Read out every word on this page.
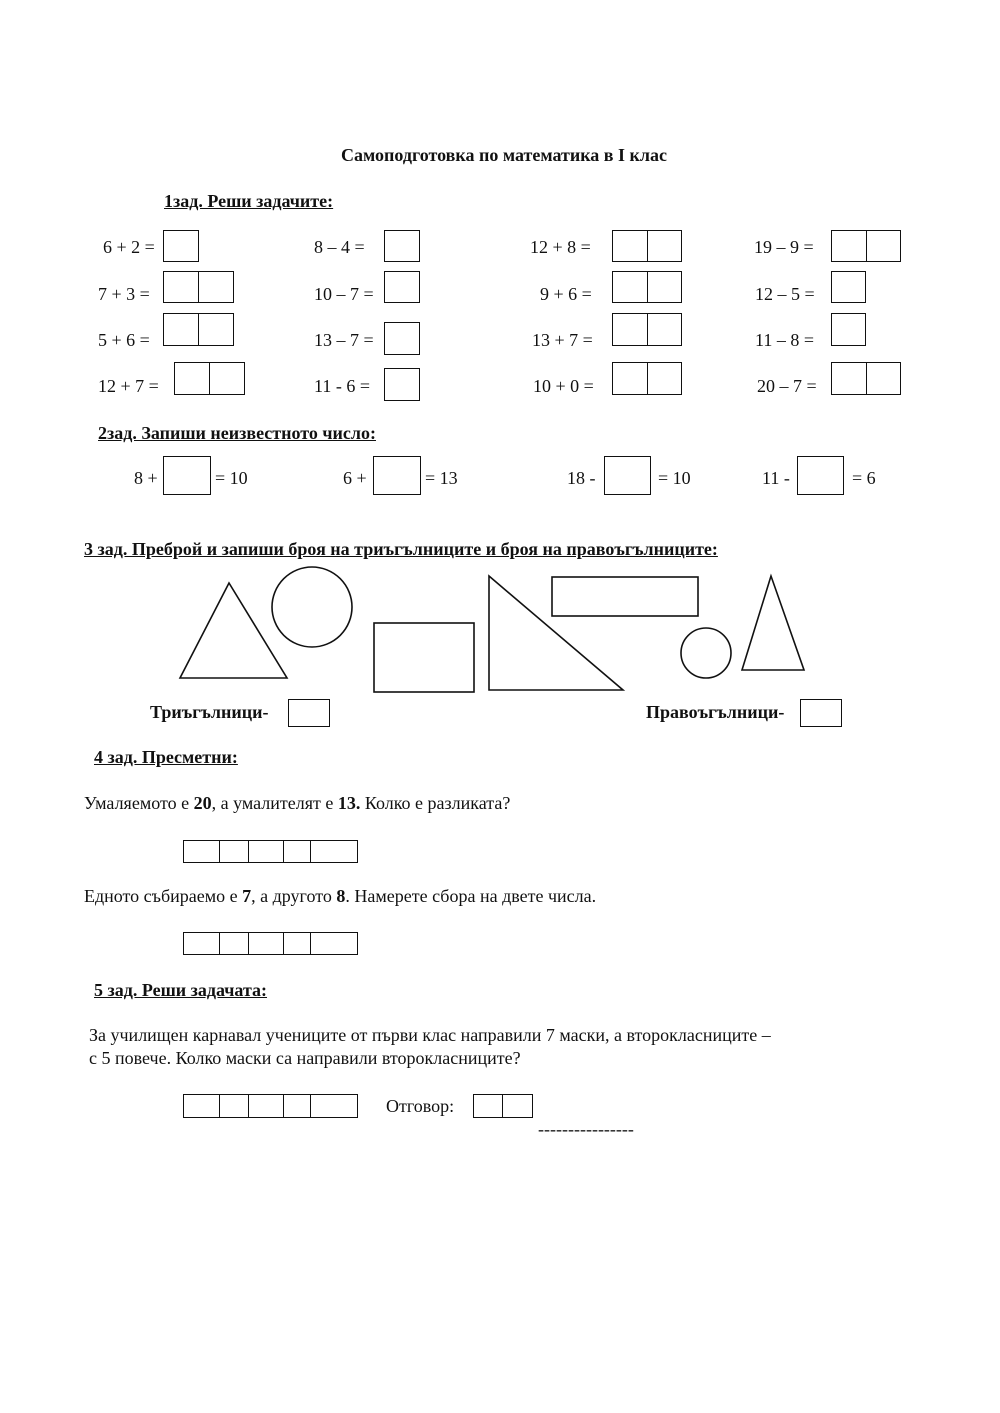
Самоподготовка по математика в I клас
1зад. Реши задачите:
6 + 2 =	8 – 4 =	12 + 8 =	19 – 9 =
7 + 3 =	10 – 7 =	9 + 6 =	12 – 5 =
5 + 6 =	13 – 7 =	13 + 7 =	11 – 8 =
12 + 7 =	11 - 6 =	10 + 0 =	20 – 7 =
2зад. Запиши неизвестното число:
8 +	= 10	6 +	= 13	18 -	= 10	11 -	= 6
3 зад. Преброй и запиши броя на триъгълниците и броя на правоъгълниците:
Триъгълници-	Правоъгълници-
4 зад. Пресметни:
Умаляемото е 20, а умалителят е 13. Колко е разликата?
Едното събираемо е 7, а другото 8. Намерете сбора на двете числа.
5 зад. Реши задачата:
За училищен карнавал учениците от първи клас направили 7 маски, а второкласниците –
с 5 повече. Колко маски са направили второкласниците?
Отговор:
----------------
